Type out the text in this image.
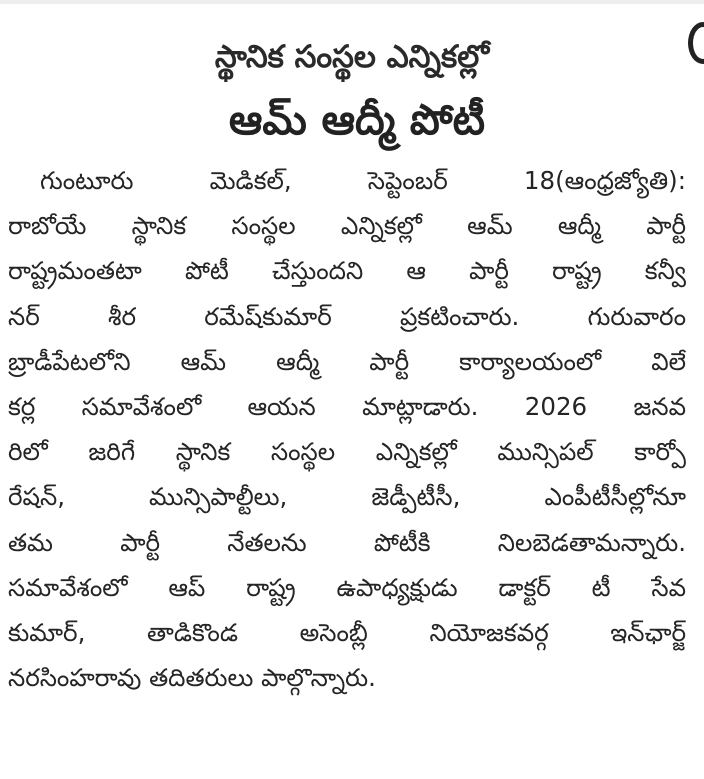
స్థానిక సంస్థల ఎన్నికల్లో
ఆమ్ ఆద్మీ పోటీ
గుంటూరు మెడికల్, సెప్టెంబర్ 18(ఆంధ్రజ్యోతి):
రాబోయే స్థానిక సంస్థల ఎన్నికల్లో ఆమ్ ఆద్మీ పార్టీ
రాష్ట్రమంతటా పోటీ చేస్తుందని ఆ పార్టీ రాష్ట్ర కన్వీ
నర్ శీర రమేష్‌కుమార్ ప్రకటించారు. గురువారం
బ్రాడీపేటలోని ఆమ్ ఆద్మీ పార్టీ కార్యాలయంలో విలే
కర్ల సమావేశంలో ఆయన మాట్లాడారు. 2026 జనవ
రిలో జరిగే స్థానిక సంస్థల ఎన్నికల్లో మున్సిపల్ కార్పో
రేషన్, మున్సిపాల్టీలు, జెడ్పీటీసీ, ఎంపీటీసీల్లోనూ
తమ పార్టీ నేతలను పోటీకి నిలబెడతామన్నారు.
సమావేశంలో ఆప్ రాష్ట్ర ఉపాధ్యక్షుడు డాక్టర్ టీ సేవ
కుమార్, తాడికొండ అసెంబ్లీ నియోజకవర్గ ఇన్‌ఛార్జ్
నరసింహరావు తదితరులు పాల్గొన్నారు.
